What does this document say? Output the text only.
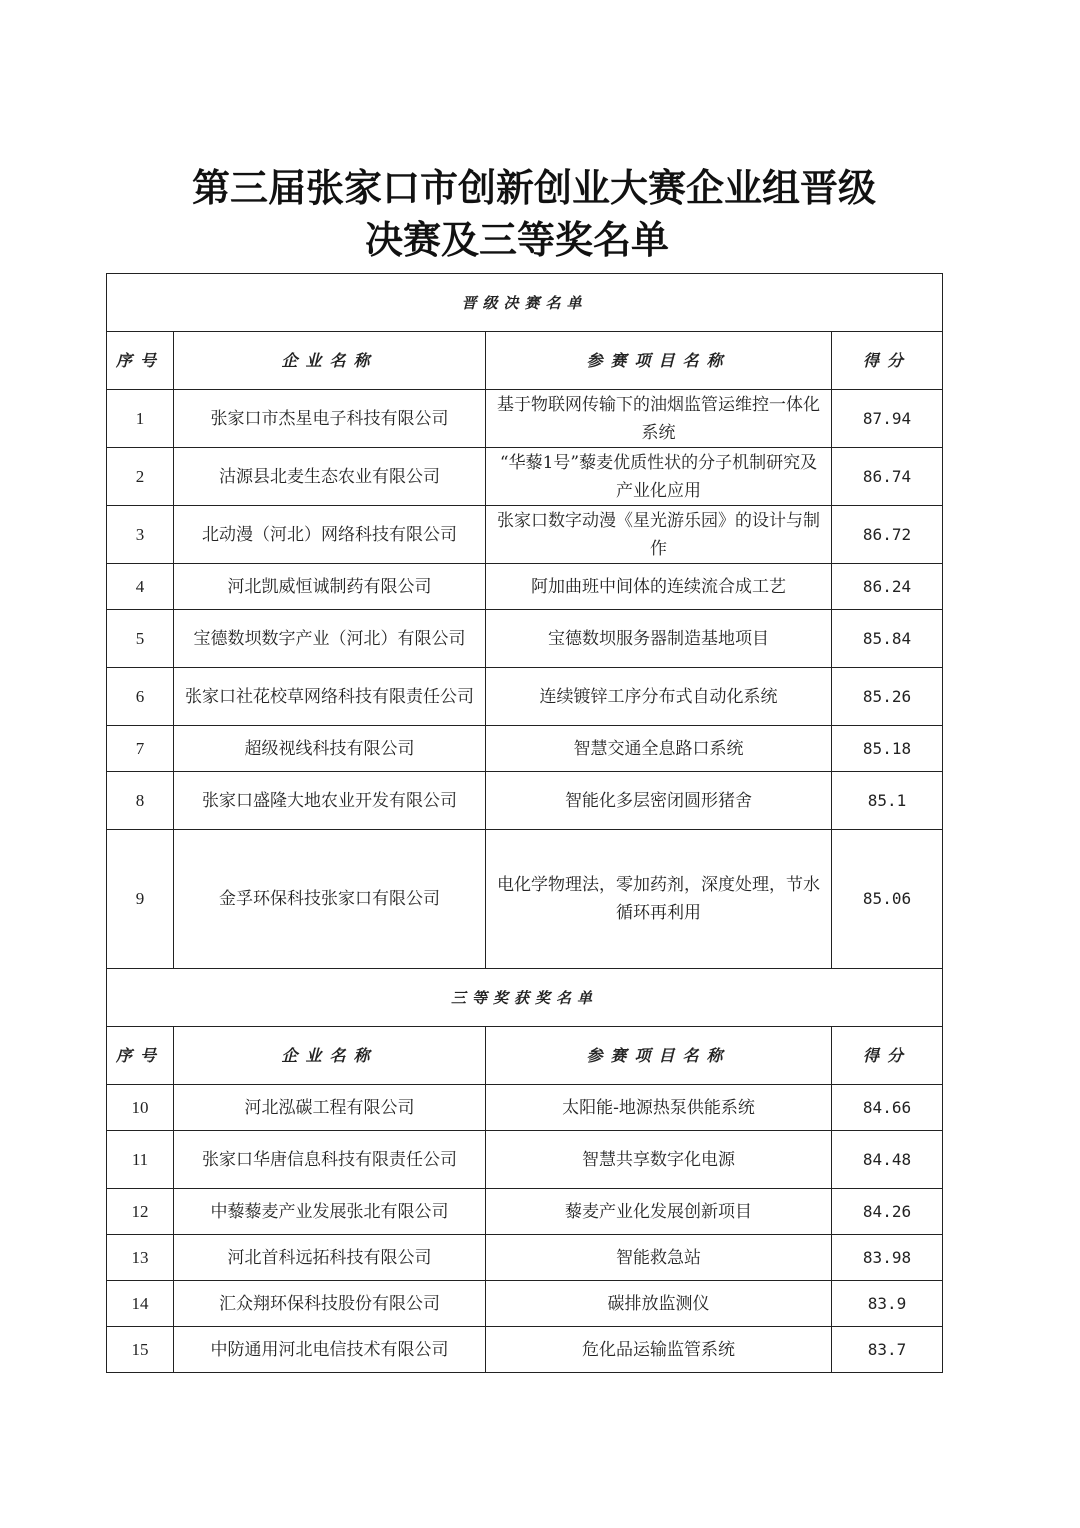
第三届张家口市创新创业大赛企业组晋级
决赛及三等奖名单
晋级决赛名单			
序号	企业名称	参赛项目名称	得分
1	张家口市杰星电子科技有限公司	基于物联网传输下的油烟监管运维控一体化系统	87.94
2	沽源县北麦生态农业有限公司	“华藜1号”藜麦优质性状的分子机制研究及产业化应用	86.74
3	北动漫（河北）网络科技有限公司	张家口数字动漫《星光游乐园》的设计与制作	86.72
4	河北凯威恒诚制药有限公司	阿加曲班中间体的连续流合成工艺	86.24
5	宝德数坝数字产业（河北）有限公司	宝德数坝服务器制造基地项目	85.84
6	张家口社花校草网络科技有限责任公司	连续镀锌工序分布式自动化系统	85.26
7	超级视线科技有限公司	智慧交通全息路口系统	85.18
8	张家口盛隆大地农业开发有限公司	智能化多层密闭圆形猪舍	85.1
9	金孚环保科技张家口有限公司	电化学物理法，零加药剂，深度处理，节水循环再利用	85.06
三等奖获奖名单			
序号	企业名称	参赛项目名称	得分
10	河北泓碳工程有限公司	太阳能-地源热泵供能系统	84.66
11	张家口华唐信息科技有限责任公司	智慧共享数字化电源	84.48
12	中藜藜麦产业发展张北有限公司	藜麦产业化发展创新项目	84.26
13	河北首科远拓科技有限公司	智能救急站	83.98
14	汇众翔环保科技股份有限公司	碳排放监测仪	83.9
15	中防通用河北电信技术有限公司	危化品运输监管系统	83.7
